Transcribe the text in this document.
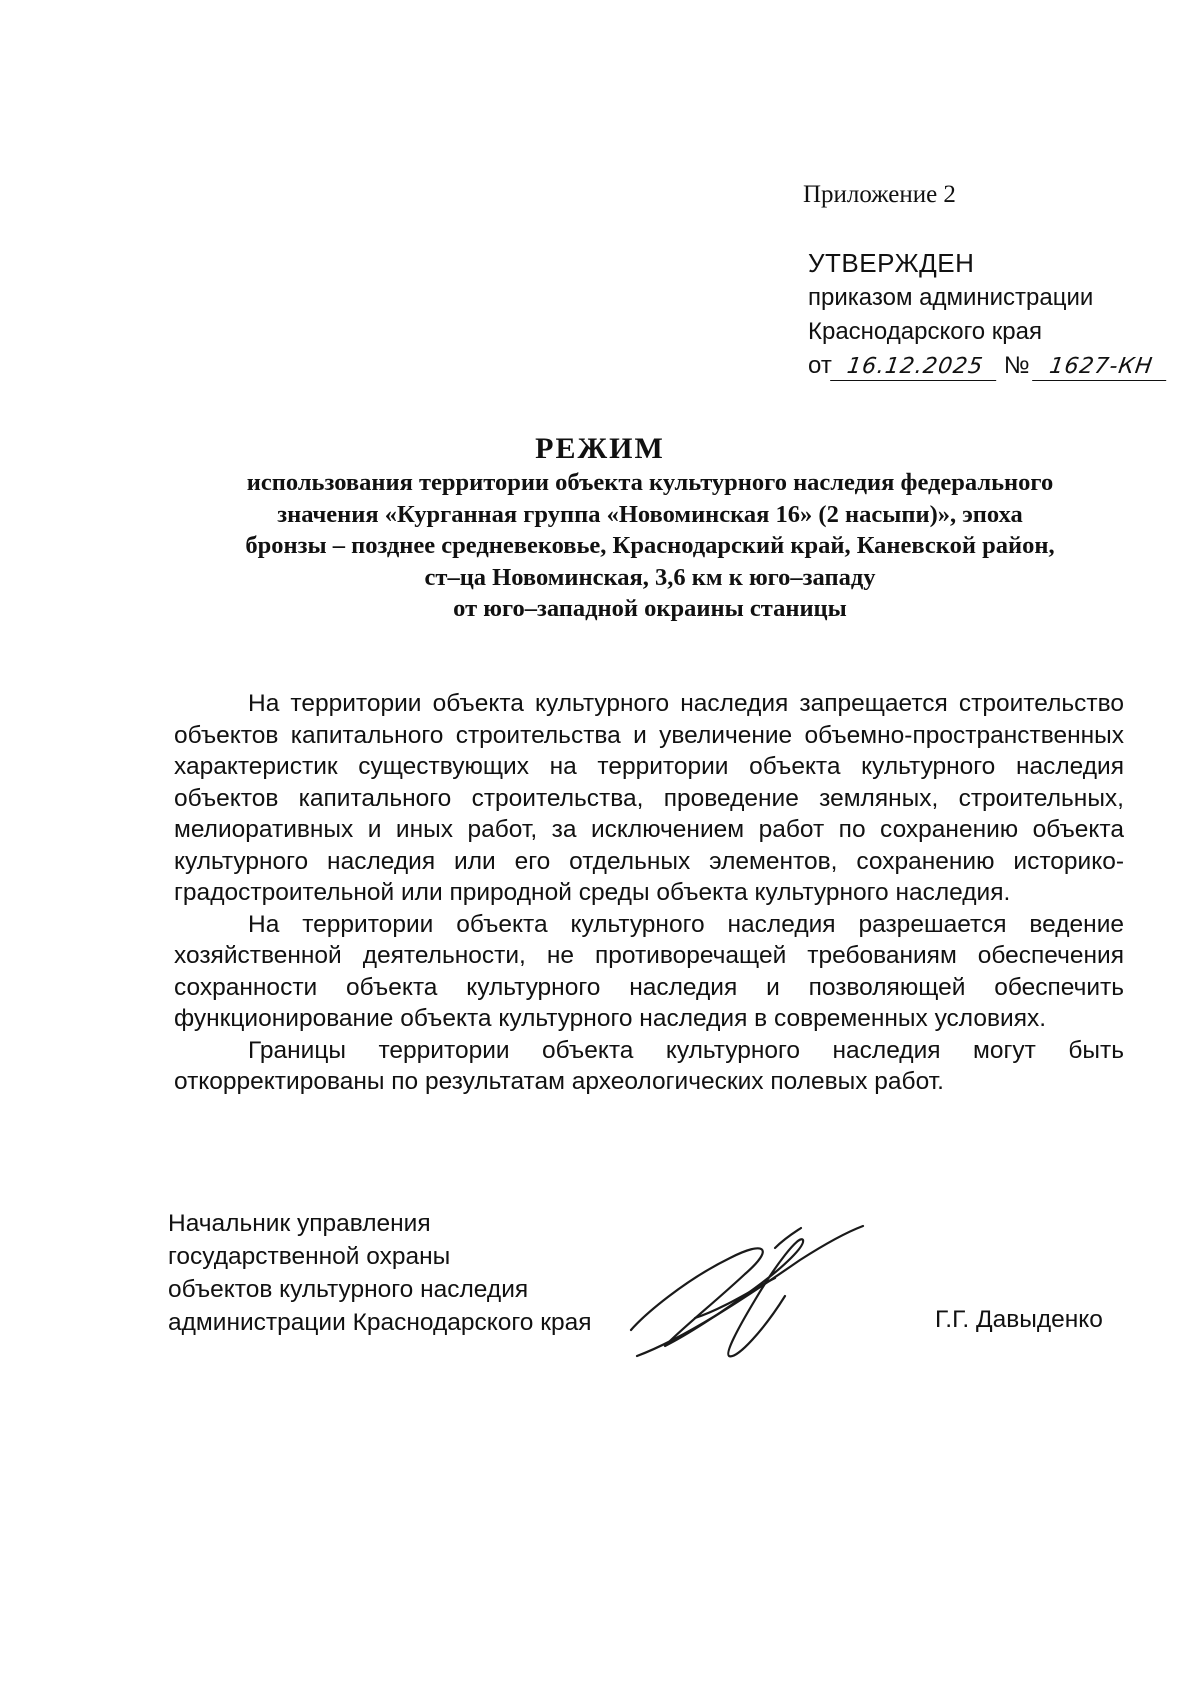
Приложение 2
УТВЕРЖДЕН
приказом администрации
Краснодарского края
от 16.12.2025 № 1627-КН
РЕЖИМ
использования территории объекта культурного наследия федерального
значения «Курганная группа «Новоминская 16» (2 насыпи)», эпоха
бронзы – позднее средневековье, Краснодарский край, Каневской район,
ст–ца Новоминская, 3,6 км к юго–западу
от юго–западной окраины станицы

На территории объекта культурного наследия запрещается строительство объектов капитального строительства и увеличение объемно-пространственных характеристик существующих на территории объекта культурного наследия объектов капитального строительства, проведение земляных, строительных, мелиоративных и иных работ, за исключением работ по сохранению объекта культурного наследия или его отдельных элементов, сохранению историко-градостроительной или природной среды объекта культурного наследия.

На территории объекта культурного наследия разрешается ведение хозяйственной деятельности, не противоречащей требованиям обеспечения сохранности объекта культурного наследия и позволяющей обеспечить функционирование объекта культурного наследия в современных условиях.

Границы территории объекта культурного наследия могут быть откорректированы по результатам археологических полевых работ.

Начальник управления
государственной охраны
объектов культурного наследия
администрации Краснодарского края	Г.Г. Давыденко
